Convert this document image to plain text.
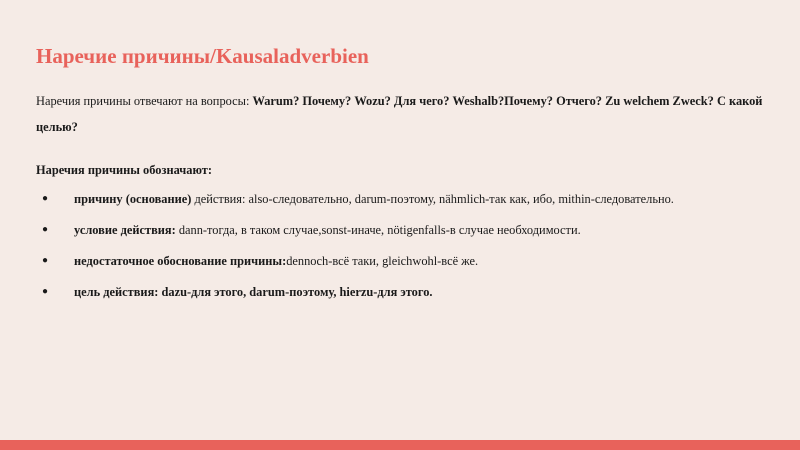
Наречие причины/Kausaladverbien
Наречия причины отвечают на вопросы: Warum? Почему? Wozu? Для чего? Weshalb?Почему? Отчего? Zu welchem Zweck? С какой целью?
Наречия причины обозначают:
● причину (основание) действия: also-следовательно, darum-поэтому, nähmlich-так как, ибо, mithin-следовательно.
● условие действия: dann-тогда, в таком случае,sonst-иначе, nötigenfalls-в случае необходимости.
● недостаточное обоснование причины:dennoch-всё таки, gleichwohl-всё же.
● цель действия: dazu-для этого, darum-поэтому, hierzu-для этого.
